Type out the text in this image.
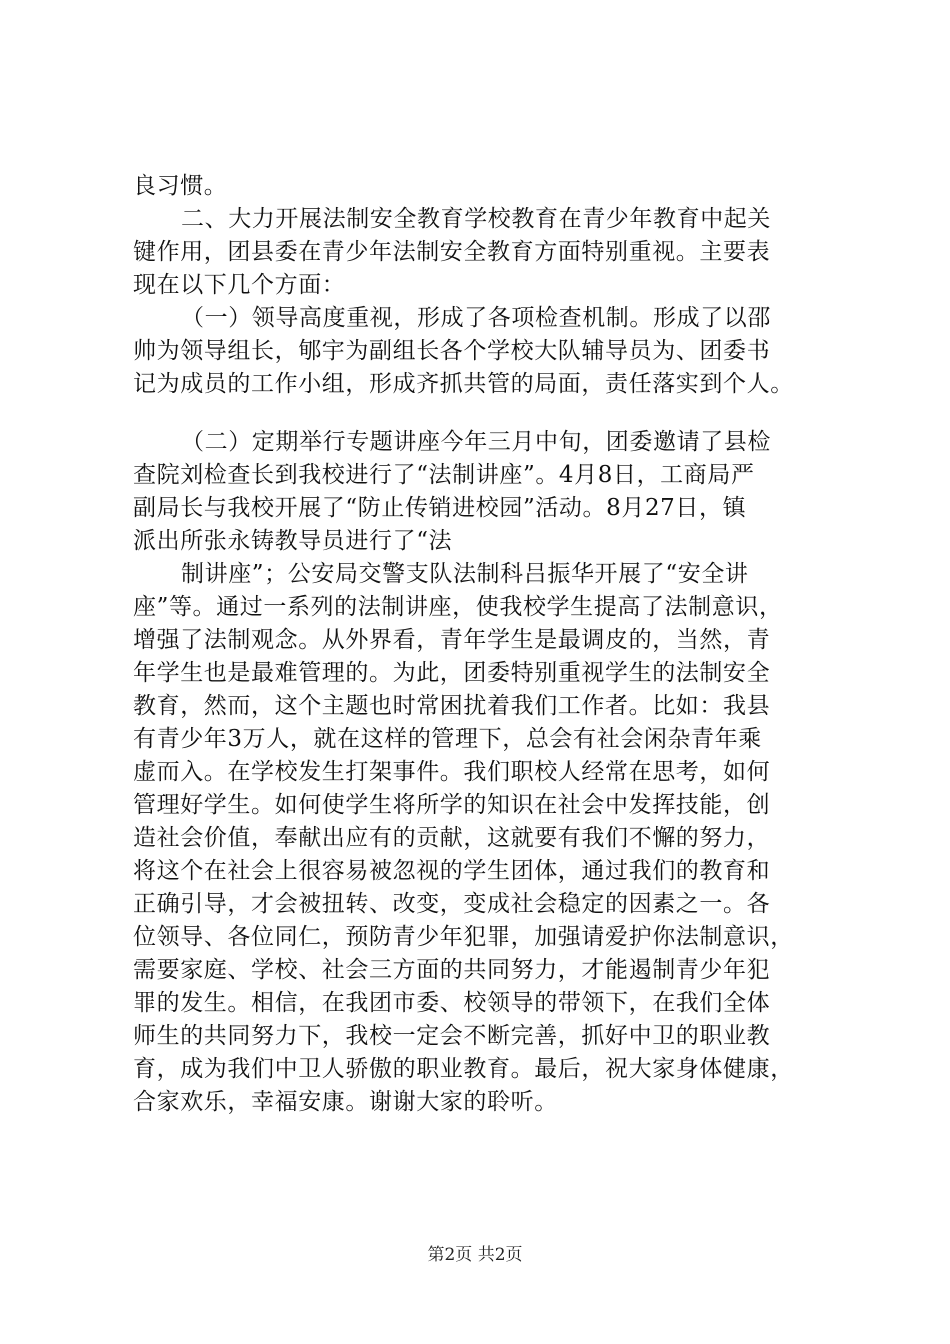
良习惯。
二、大力开展法制安全教育学校教育在青少年教育中起关
键作用，团县委在青少年法制安全教育方面特别重视。主要表
现在以下几个方面：
（一）领导高度重视，形成了各项检查机制。形成了以邵
帅为领导组长，郇宇为副组长各个学校大队辅导员为、团委书
记为成员的工作小组，形成齐抓共管的局面，责任落实到个人。
（二）定期举行专题讲座今年三月中旬，团委邀请了县检
查院刘检查长到我校进行了“法制讲座”。4月8日，工商局严
副局长与我校开展了“防止传销进校园”活动。8月27日，镇
派出所张永铸教导员进行了“法
制讲座”；公安局交警支队法制科吕振华开展了“安全讲
座”等。通过一系列的法制讲座，使我校学生提高了法制意识，
增强了法制观念。从外界看，青年学生是最调皮的，当然，青
年学生也是最难管理的。为此，团委特别重视学生的法制安全
教育，然而，这个主题也时常困扰着我们工作者。比如：我县
有青少年3万人，就在这样的管理下，总会有社会闲杂青年乘
虚而入。在学校发生打架事件。我们职校人经常在思考，如何
管理好学生。如何使学生将所学的知识在社会中发挥技能，创
造社会价值，奉献出应有的贡献，这就要有我们不懈的努力，
将这个在社会上很容易被忽视的学生团体，通过我们的教育和
正确引导，才会被扭转、改变，变成社会稳定的因素之一。各
位领导、各位同仁，预防青少年犯罪，加强请爱护你法制意识，
需要家庭、学校、社会三方面的共同努力，才能遏制青少年犯
罪的发生。相信，在我团市委、校领导的带领下，在我们全体
师生的共同努力下，我校一定会不断完善，抓好中卫的职业教
育，成为我们中卫人骄傲的职业教育。最后，祝大家身体健康，
合家欢乐，幸福安康。谢谢大家的聆听。
第2页 共2页
